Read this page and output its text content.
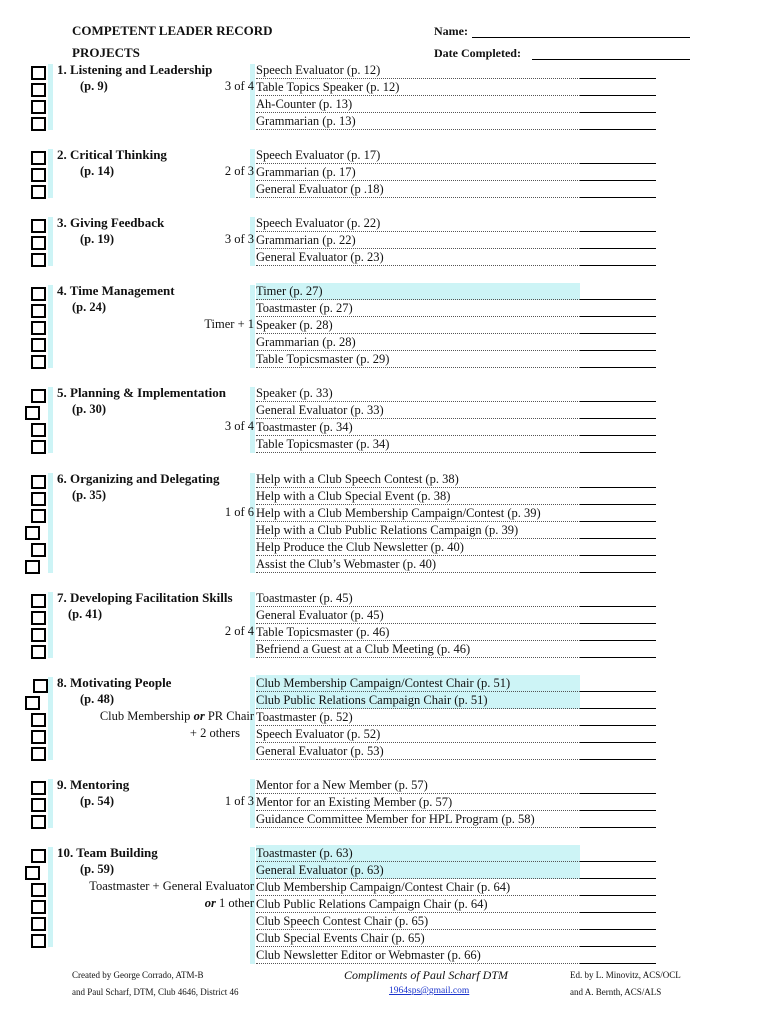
COMPETENT LEADER RECORD
PROJECTS
Name:
Date Completed:
1. Listening and Leadership
(p. 9)	3 of 4
Speech Evaluator (p. 12)
Table Topics Speaker (p. 12)
Ah-Counter (p. 13)
Grammarian (p. 13)
2. Critical Thinking
(p. 14)	2 of 3
Speech Evaluator (p. 17)
Grammarian (p. 17)
General Evaluator (p .18)
3. Giving Feedback
(p. 19)	3 of 3
Speech Evaluator (p. 22)
Grammarian (p. 22)
General Evaluator (p. 23)
4. Time Management
(p. 24)
Timer + 1
Timer (p. 27)
Toastmaster (p. 27)
Speaker (p. 28)
Grammarian (p. 28)
Table Topicsmaster (p. 29)
5. Planning & Implementation
(p. 30)
3 of 4
Speaker (p. 33)
General Evaluator (p. 33)
Toastmaster (p. 34)
Table Topicsmaster (p. 34)
6. Organizing and Delegating
(p. 35)
1 of 6
Help with a Club Speech Contest (p. 38)
Help with a Club Special Event (p. 38)
Help with a Club Membership Campaign/Contest (p. 39)
Help with a Club Public Relations Campaign (p. 39)
Help Produce the Club Newsletter (p. 40)
Assist the Club’s Webmaster (p. 40)
7. Developing Facilitation Skills
(p. 41)
2 of 4
Toastmaster (p. 45)
General Evaluator (p. 45)
Table Topicsmaster (p. 46)
Befriend a Guest at a Club Meeting (p. 46)
8. Motivating People
(p. 48)
Club Membership or PR Chair
+ 2 others
Club Membership Campaign/Contest Chair (p. 51)
Club Public Relations Campaign Chair (p. 51)
Toastmaster (p. 52)
Speech Evaluator (p. 52)
General Evaluator (p. 53)
9. Mentoring
(p. 54)	1 of 3
Mentor for a New Member (p. 57)
Mentor for an Existing Member (p. 57)
Guidance Committee Member for HPL Program (p. 58)
10. Team Building
(p. 59)
Toastmaster + General Evaluator
or 1 other
Toastmaster (p. 63)
General Evaluator (p. 63)
Club Membership Campaign/Contest Chair (p. 64)
Club Public Relations Campaign Chair (p. 64)
Club Speech Contest Chair (p. 65)
Club Special Events Chair (p. 65)
Club Newsletter Editor or Webmaster (p. 66)
Created by George Corrado, ATM-B
and Paul Scharf, DTM, Club 4646, District 46
Compliments of Paul Scharf DTM
1964sps@gmail.com
Ed. by L. Minovitz, ACS/OCL
and A. Bernth, ACS/ALS
